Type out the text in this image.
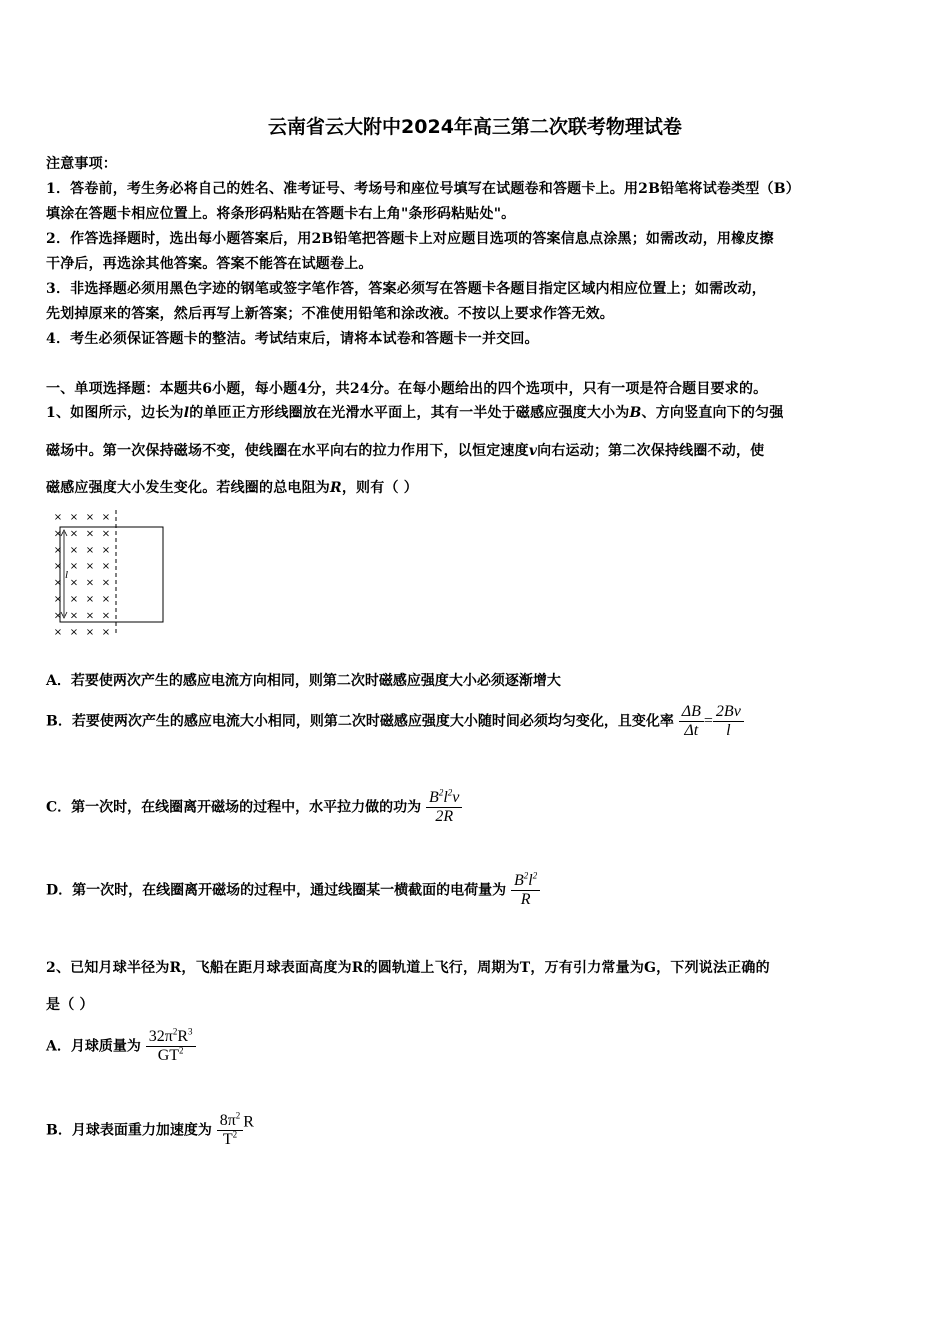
云南省云大附中2024年高三第二次联考物理试卷
注意事项：
1．答卷前，考生务必将自己的姓名、准考证号、考场号和座位号填写在试题卷和答题卡上。用2B铅笔将试卷类型（B）
填涂在答题卡相应位置上。将条形码粘贴在答题卡右上角"条形码粘贴处"。
2．作答选择题时，选出每小题答案后，用2B铅笔把答题卡上对应题目选项的答案信息点涂黑；如需改动，用橡皮擦
干净后，再选涂其他答案。答案不能答在试题卷上。
3．非选择题必须用黑色字迹的钢笔或签字笔作答，答案必须写在答题卡各题目指定区域内相应位置上；如需改动，
先划掉原来的答案，然后再写上新答案；不准使用铅笔和涂改液。不按以上要求作答无效。
4．考生必须保证答题卡的整洁。考试结束后，请将本试卷和答题卡一并交回。
一、单项选择题：本题共6小题，每小题4分，共24分。在每小题给出的四个选项中，只有一项是符合题目要求的。
1、如图所示，边长为l的单匝正方形线圈放在光滑水平面上，其有一半处于磁感应强度大小为B、方向竖直向下的匀强
磁场中。第一次保持磁场不变，使线圈在水平向右的拉力作用下，以恒定速度v向右运动；第二次保持线圈不动，使
磁感应强度大小发生变化。若线圈的总电阻为R，则有（ ）
× × × ×
× × × ×
× × × ×
× × × ×
× × × ×
× × × ×
× × × ×
× × × ×
l
A．若要使两次产生的感应电流方向相同，则第二次时磁感应强度大小必须逐渐增大
B．若要使两次产生的感应电流大小相同，则第二次时磁感应强度大小随时间必须均匀变化，且变化率 $\frac{\Delta B}{\Delta t} = \frac{2Bv}{l}$
C．第一次时，在线圈离开磁场的过程中，水平拉力做的功为 $\frac{B^2l^2v}{2R}$
D．第一次时，在线圈离开磁场的过程中，通过线圈某一横截面的电荷量为 $\frac{B^2l^2}{R}$
2、已知月球半径为R，飞船在距月球表面高度为R的圆轨道上飞行，周期为T，万有引力常量为G，下列说法正确的
是（ ）
A．月球质量为 $\frac{32\pi^2R^3}{GT^2}$
B．月球表面重力加速度为 $\frac{8\pi^2}{T^2}$ R
